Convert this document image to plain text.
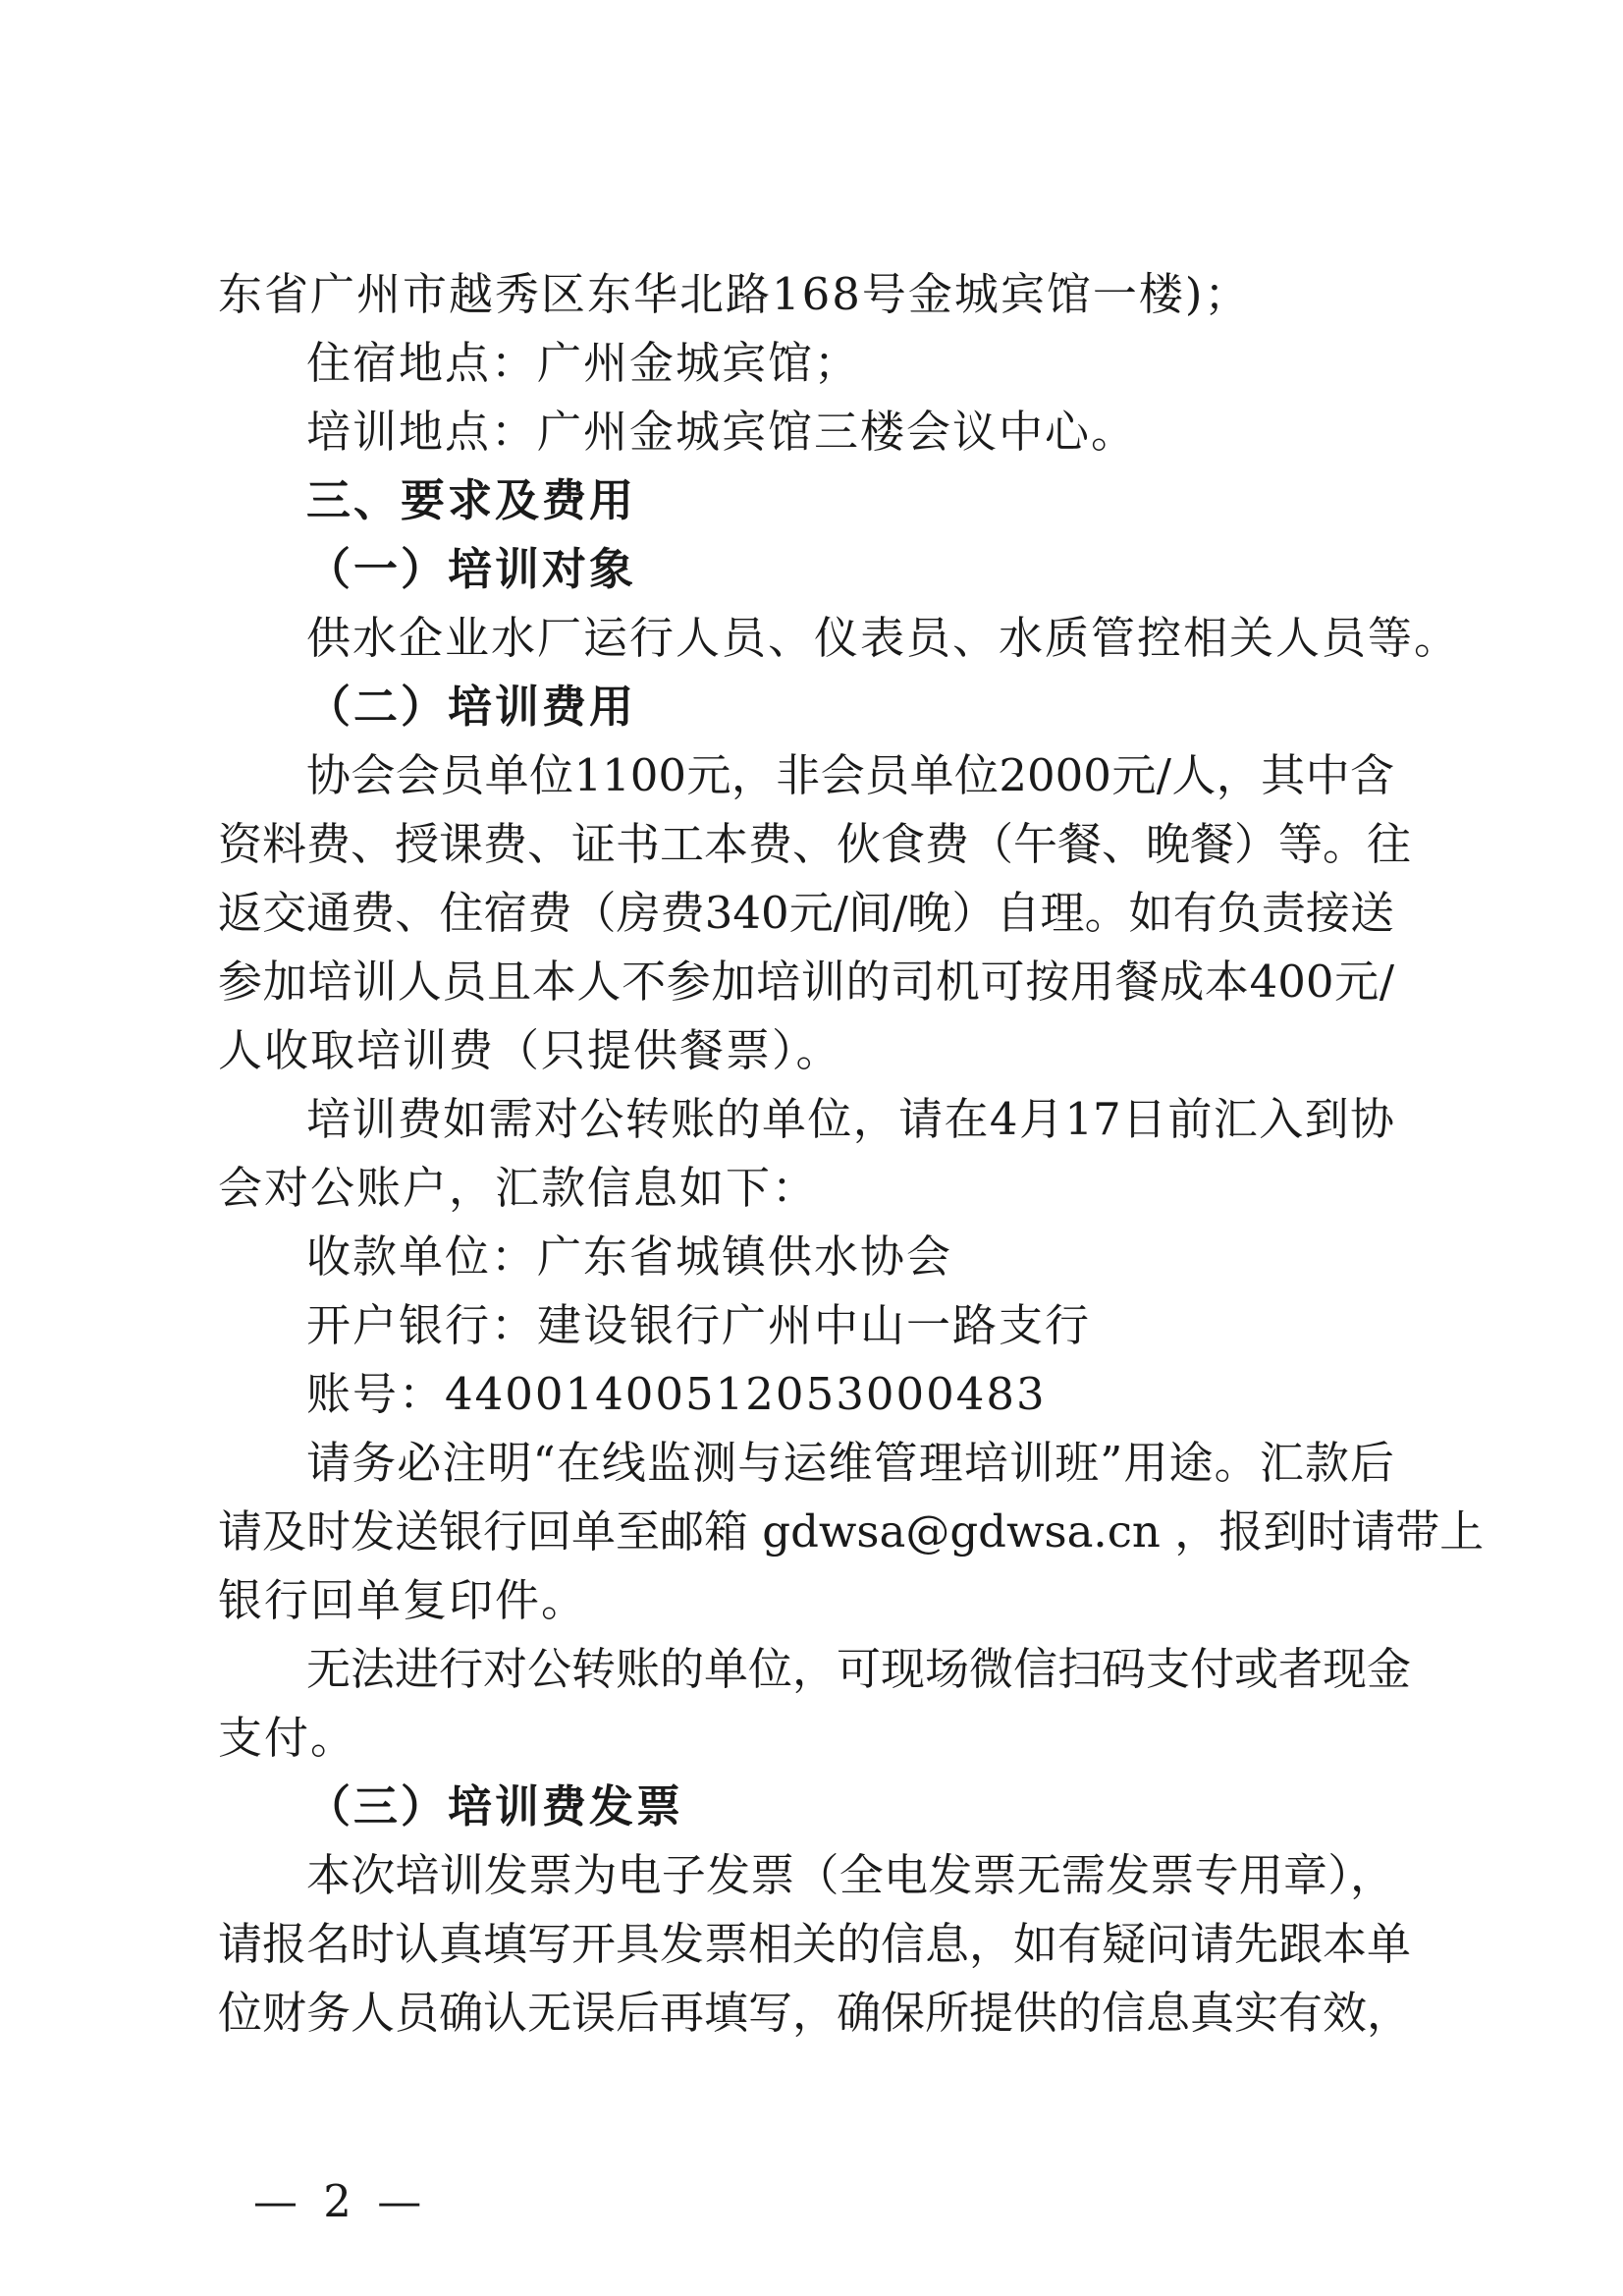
东省广州市越秀区东华北路168号金城宾馆一楼)；
住宿地点：广州金城宾馆；
培训地点：广州金城宾馆三楼会议中心。
三、要求及费用
（一）培训对象
供水企业水厂运行人员、仪表员、水质管控相关人员等。
（二）培训费用
协会会员单位1100元，非会员单位2000元/人，其中含
资料费、授课费、证书工本费、伙食费（午餐、晚餐）等。往
返交通费、住宿费（房费340元/间/晚）自理。如有负责接送
参加培训人员且本人不参加培训的司机可按用餐成本400元/
人收取培训费（只提供餐票）。
培训费如需对公转账的单位，请在4月17日前汇入到协
会对公账户，汇款信息如下：
收款单位：广东省城镇供水协会
开户银行：建设银行广州中山一路支行
账号：44001400512053000483
请务必注明“在线监测与运维管理培训班”用途。汇款后
请及时发送银行回单至邮箱 gdwsa@gdwsa.cn ，报到时请带上
银行回单复印件。
无法进行对公转账的单位，可现场微信扫码支付或者现金
支付。
（三）培训费发票
本次培训发票为电子发票（全电发票无需发票专用章），
请报名时认真填写开具发票相关的信息，如有疑问请先跟本单
位财务人员确认无误后再填写，确保所提供的信息真实有效，
— 2 —
